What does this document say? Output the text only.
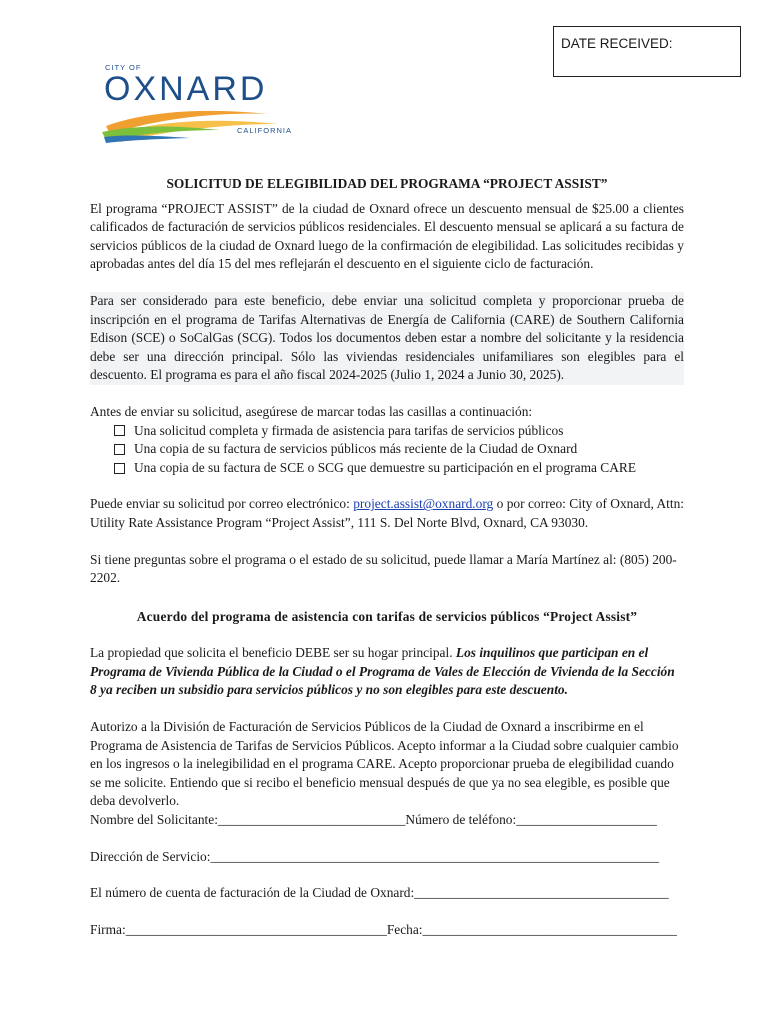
DATE RECEIVED:
CITY OF
OXNARD
CALIFORNIA

SOLICITUD DE ELEGIBILIDAD DEL PROGRAMA “PROJECT ASSIST”

El programa “PROJECT ASSIST” de la ciudad de Oxnard ofrece un descuento mensual de $25.00 a clientes calificados de facturación de servicios públicos residenciales. El descuento mensual se aplicará a su factura de servicios públicos de la ciudad de Oxnard luego de la confirmación de elegibilidad. Las solicitudes recibidas y aprobadas antes del día 15 del mes reflejarán el descuento en el siguiente ciclo de facturación.

Para ser considerado para este beneficio, debe enviar una solicitud completa y proporcionar prueba de inscripción en el programa de Tarifas Alternativas de Energía de California (CARE) de Southern California Edison (SCE) o SoCalGas (SCG). Todos los documentos deben estar a nombre del solicitante y la residencia debe ser una dirección principal. Sólo las viviendas residenciales unifamiliares son elegibles para el descuento. El programa es para el año fiscal 2024-2025 (Julio 1, 2024 a Junio 30, 2025).

Antes de enviar su solicitud, asegúrese de marcar todas las casillas a continuación:

Una solicitud completa y firmada de asistencia para tarifas de servicios públicos
Una copia de su factura de servicios públicos más reciente de la Ciudad de Oxnard
Una copia de su factura de SCE o SCG que demuestre su participación en el programa CARE

Puede enviar su solicitud por correo electrónico: project.assist@oxnard.org o por correo: City of Oxnard, Attn: Utility Rate Assistance Program “Project Assist”, 111 S. Del Norte Blvd, Oxnard, CA 93030.

Si tiene preguntas sobre el programa o el estado de su solicitud, puede llamar a María Martínez al: (805) 200-2202.

Acuerdo del programa de asistencia con tarifas de servicios públicos “Project Assist”

La propiedad que solicita el beneficio DEBE ser su hogar principal. Los inquilinos que participan en el Programa de Vivienda Pública de la Ciudad o el Programa de Vales de Elección de Vivienda de la Sección 8 ya reciben un subsidio para servicios públicos y no son elegibles para este descuento.

Autorizo a la División de Facturación de Servicios Públicos de la Ciudad de Oxnard a inscribirme en el Programa de Asistencia de Tarifas de Servicios Públicos. Acepto informar a la Ciudad sobre cualquier cambio en los ingresos o la inelegibilidad en el programa CARE. Acepto proporcionar prueba de elegibilidad cuando se me solicite. Entiendo que si recibo el beneficio mensual después de que ya no sea elegible, es posible que deba devolverlo.

Nombre del Solicitante:____________________________Número de teléfono:_____________________

Dirección de Servicio:___________________________________________________________________

El número de cuenta de facturación de la Ciudad de Oxnard:______________________________________

Firma:_______________________________________Fecha:______________________________________
